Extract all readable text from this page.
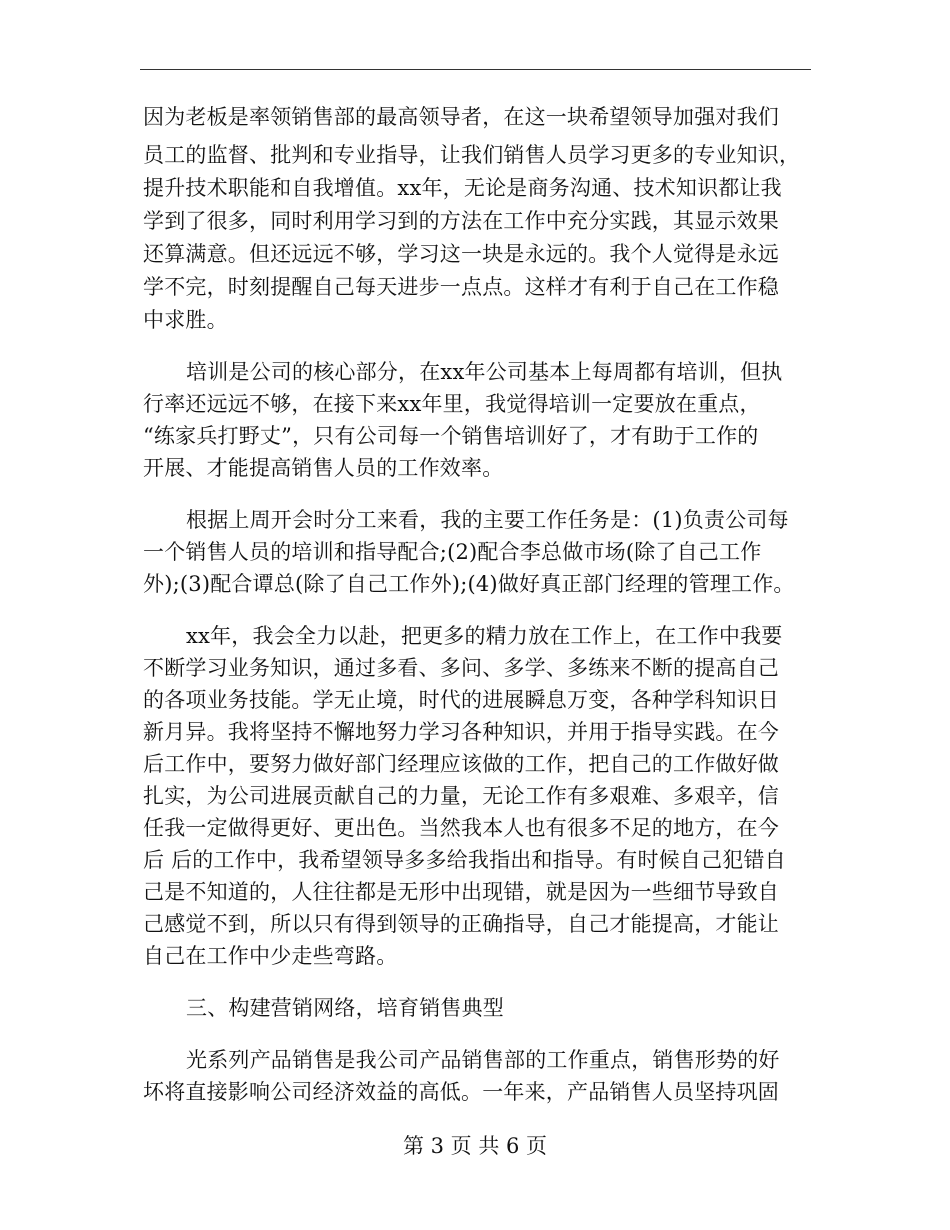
因为老板是率领销售部的最高领导者，在这一块希望领导加强对我们
员工的监督、批判和专业指导，让我们销售人员学习更多的专业知识，
提升技术职能和自我增值。xx年，无论是商务沟通、技术知识都让我
学到了很多，同时利用学习到的方法在工作中充分实践，其显示效果
还算满意。但还远远不够，学习这一块是永远的。我个人觉得是永远
学不完，时刻提醒自己每天进步一点点。这样才有利于自己在工作稳
中求胜。
培训是公司的核心部分，在xx年公司基本上每周都有培训，但执
行率还远远不够，在接下来xx年里，我觉得培训一定要放在重点，
“练家兵打野丈”，只有公司每一个销售培训好了，才有助于工作的
开展、才能提高销售人员的工作效率。
根据上周开会时分工来看，我的主要工作任务是：(1)负责公司每
一个销售人员的培训和指导配合;(2)配合李总做市场(除了自己工作
外);(3)配合谭总(除了自己工作外);(4)做好真正部门经理的管理工作。
xx年，我会全力以赴，把更多的精力放在工作上，在工作中我要
不断学习业务知识，通过多看、多问、多学、多练来不断的提高自己
的各项业务技能。学无止境，时代的进展瞬息万变，各种学科知识日
新月异。我将坚持不懈地努力学习各种知识，并用于指导实践。在今
后工作中，要努力做好部门经理应该做的工作，把自己的工作做好做
扎实，为公司进展贡献自己的力量，无论工作有多艰难、多艰辛，信
任我一定做得更好、更出色。当然我本人也有很多不足的地方，在今
后 后的工作中，我希望领导多多给我指出和指导。有时候自己犯错自
己是不知道的，人往往都是无形中出现错，就是因为一些细节导致自
己感觉不到，所以只有得到领导的正确指导，自己才能提高，才能让
自己在工作中少走些弯路。
三、构建营销网络，培育销售典型
光系列产品销售是我公司产品销售部的工作重点，销售形势的好
坏将直接影响公司经济效益的高低。一年来，产品销售人员坚持巩固
第 3 页 共 6 页
